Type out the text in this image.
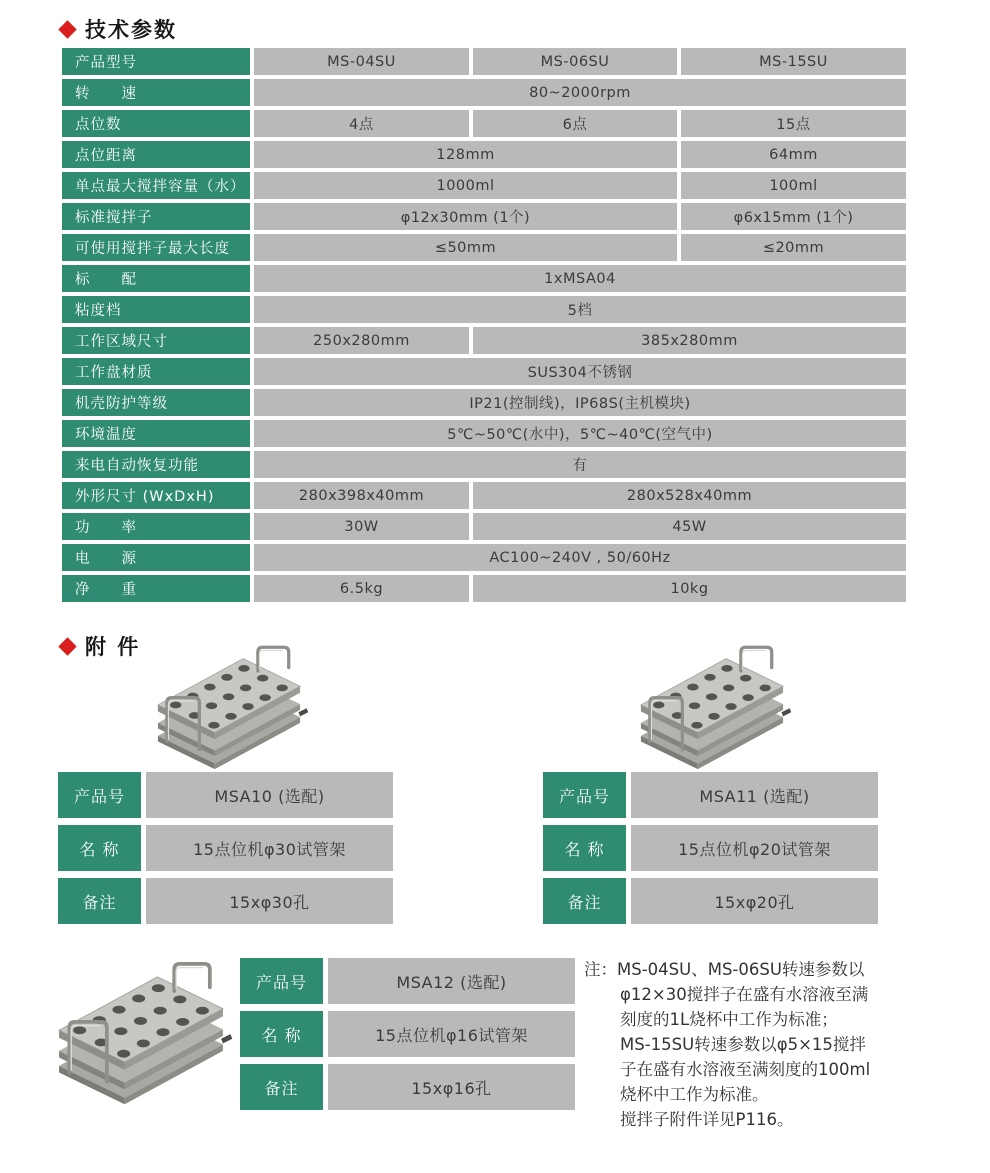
技术参数
产品型号	MS-04SU	MS-06SU	MS-15SU
转　　速	80~2000rpm
点位数	4点	6点	15点
点位距离	128mm	64mm
单点最大搅拌容量（水）	1000ml	100ml
标准搅拌子	φ12x30mm (1个)	φ6x15mm (1个)
可使用搅拌子最大长度	≤50mm	≤20mm
标　　配	1xMSA04
粘度档	5档
工作区域尺寸	250x280mm	385x280mm
工作盘材质	SUS304不锈钢
机壳防护等级	IP21(控制线)，IP68S(主机模块)
环境温度	5℃~50℃(水中)，5℃~40℃(空气中)
来电自动恢复功能	有
外形尺寸 (WxDxH)	280x398x40mm	280x528x40mm
功　　率	30W	45W
电　　源	AC100~240V , 50/60Hz
净　　重	6.5kg	10kg
附 件
产品号	MSA10 (选配)
名 称	15点位机φ30试管架
备注	15xφ30孔
产品号	MSA11 (选配)
名 称	15点位机φ20试管架
备注	15xφ20孔
产品号	MSA12 (选配)
名 称	15点位机φ16试管架
备注	15xφ16孔
注：MS-04SU、MS-06SU转速参数以
φ12×30搅拌子在盛有水溶液至满
刻度的1L烧杯中工作为标准；
MS-15SU转速参数以φ5×15搅拌
子在盛有水溶液至满刻度的100ml
烧杯中工作为标准。
搅拌子附件详见P116。
